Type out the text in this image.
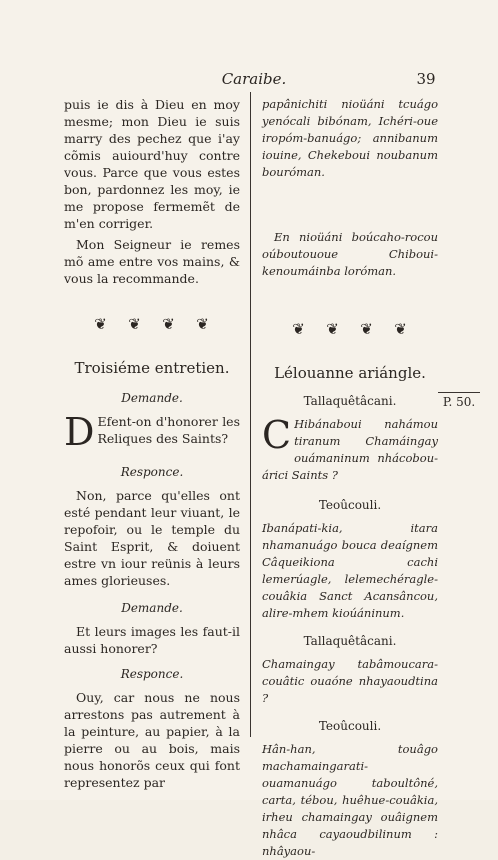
Caraibe.	39

puis ie dis à Dieu en moy mesme; mon Dieu ie suis marry des pechez que i'ay cõmis auiourd'huy contre vous. Parce que vous estes bon, pardonnez les moy, ie me propose fermemẽt de m'en corriger.

Mon Seigneur ie remes mõ ame entre vos mains, & vous la recommande.

❦	❦	❦	❦

Troisiéme entretien.

Demande.

D Efent-on d'honorer les Reliques des Saints?

Responce.

Non, parce qu'elles ont esté pendant leur viuant, le repofoir, ou le temple du Saint Esprit, & doiuent estre vn iour reünis à leurs ames glorieuses.

Demande.

Et leurs images les faut-il aussi honorer?

Responce.

Ouy, car nous ne nous arrestons pas autrement à la peinture, au papier, à la pierre ou au bois, mais nous honorõs ceux qui font representez par

papânichiti nioüáni tcuágo yenócali bibónam, Ichéri-oue iropóm-banuágo; annibanum iouine, Chekeboui noubanum bouróman.

En nioüáni boúcaho-rocou oúboutououe Chiboui-kenoumáinba loróman.

❦	❦	❦	❦

Lélouanne ariángle.

Tallaquêtâcani.

C Hibánaboui nahámou tiranum Chamáingay ouámaninum nhácobou-árici Saints ?

Teoûcouli.

Ibanápati-kia, itara nhamanuágo bouca deaígnem Câqueikiona cachi lemerúagle, lelemechéragle-couâkia Sanct Acansâncou, alire-mhem kioúáninum.

Tallaquêtâcani.

Chamaingay tabâmoucara-couâtic ouaóne nhayaoudtina ?

Teoûcouli.

Hân-han, touâgo machamaingarati-ouamanuágo taboultôné, carta, tébou, huêhue-couâkia, irheu chamaingay ouâignem nhâca cayaoudbilinum : nhâyaou-

P. 50.
